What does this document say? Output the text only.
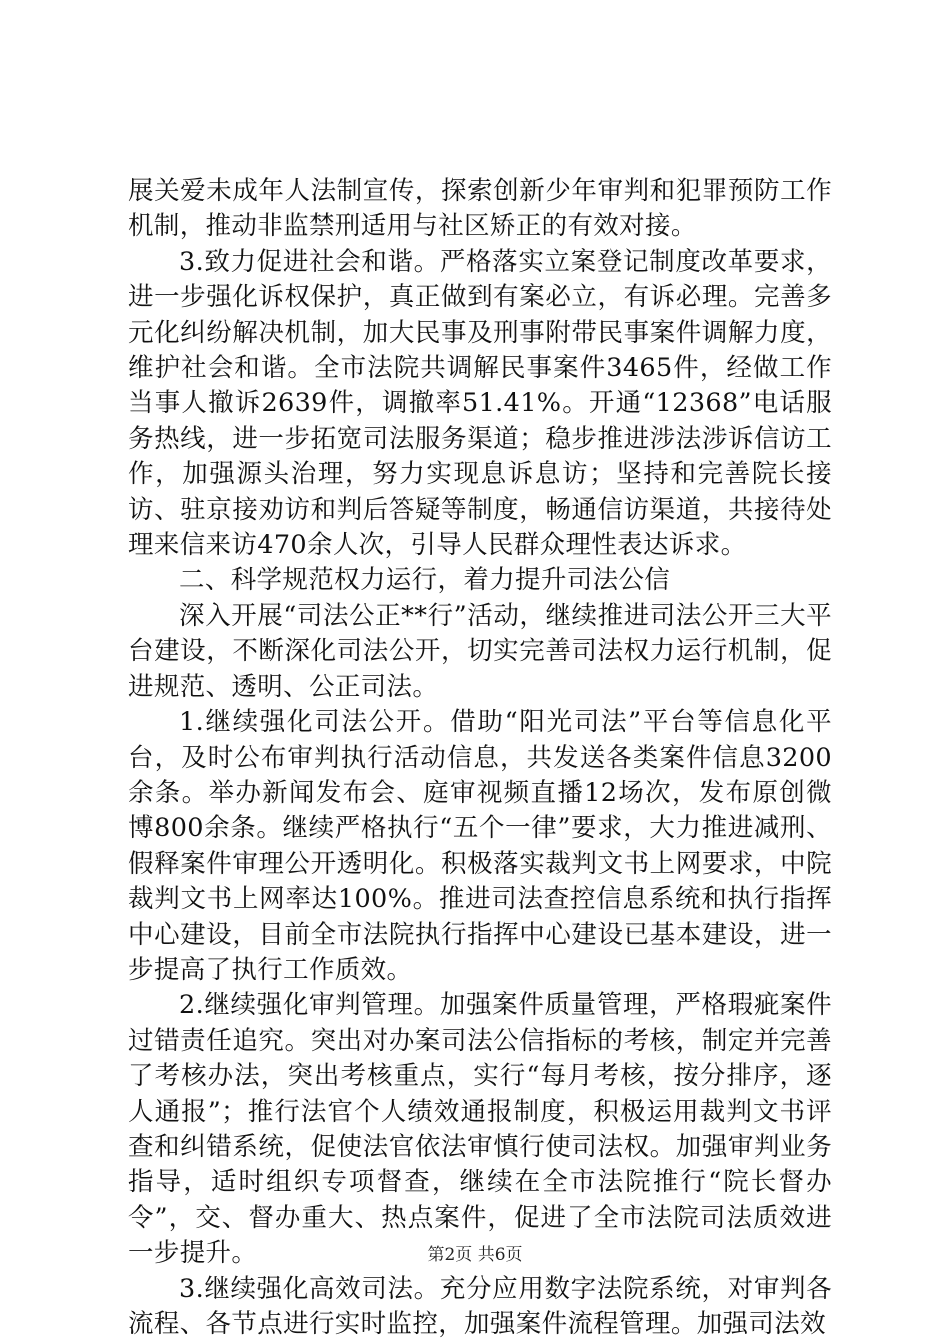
展关爱未成年人法制宣传，探索创新少年审判和犯罪预防工作机制，推动非监禁刑适用与社区矫正的有效对接。

3.致力促进社会和谐。严格落实立案登记制度改革要求，进一步强化诉权保护，真正做到有案必立，有诉必理。完善多元化纠纷解决机制，加大民事及刑事附带民事案件调解力度，维护社会和谐。全市法院共调解民事案件3465件，经做工作当事人撤诉2639件，调撤率51.41%。开通“12368”电话服务热线，进一步拓宽司法服务渠道；稳步推进涉法涉诉信访工作，加强源头治理，努力实现息诉息访；坚持和完善院长接访、驻京接劝访和判后答疑等制度，畅通信访渠道，共接待处理来信来访470余人次，引导人民群众理性表达诉求。

二、科学规范权力运行，着力提升司法公信

深入开展“司法公正**行”活动，继续推进司法公开三大平台建设，不断深化司法公开，切实完善司法权力运行机制，促进规范、透明、公正司法。

1.继续强化司法公开。借助“阳光司法”平台等信息化平台，及时公布审判执行活动信息，共发送各类案件信息3200余条。举办新闻发布会、庭审视频直播12场次，发布原创微博800余条。继续严格执行“五个一律”要求，大力推进减刑、假释案件审理公开透明化。积极落实裁判文书上网要求，中院裁判文书上网率达100%。推进司法查控信息系统和执行指挥中心建设，目前全市法院执行指挥中心建设已基本建设，进一步提高了执行工作质效。

2.继续强化审判管理。加强案件质量管理，严格瑕疵案件过错责任追究。突出对办案司法公信指标的考核，制定并完善了考核办法，突出考核重点，实行“每月考核，按分排序，逐人通报”；推行法官个人绩效通报制度，积极运用裁判文书评查和纠错系统，促使法官依法审慎行使司法权。加强审判业务指导，适时组织专项督查，继续在全市法院推行“院长督办令”，交、督办重大、热点案件，促进了全市法院司法质效进一步提升。

3.继续强化高效司法。充分应用数字法院系统，对审判各流程、各节点进行实时监控，加强案件流程管理。加强司法效

第2页 共6页
